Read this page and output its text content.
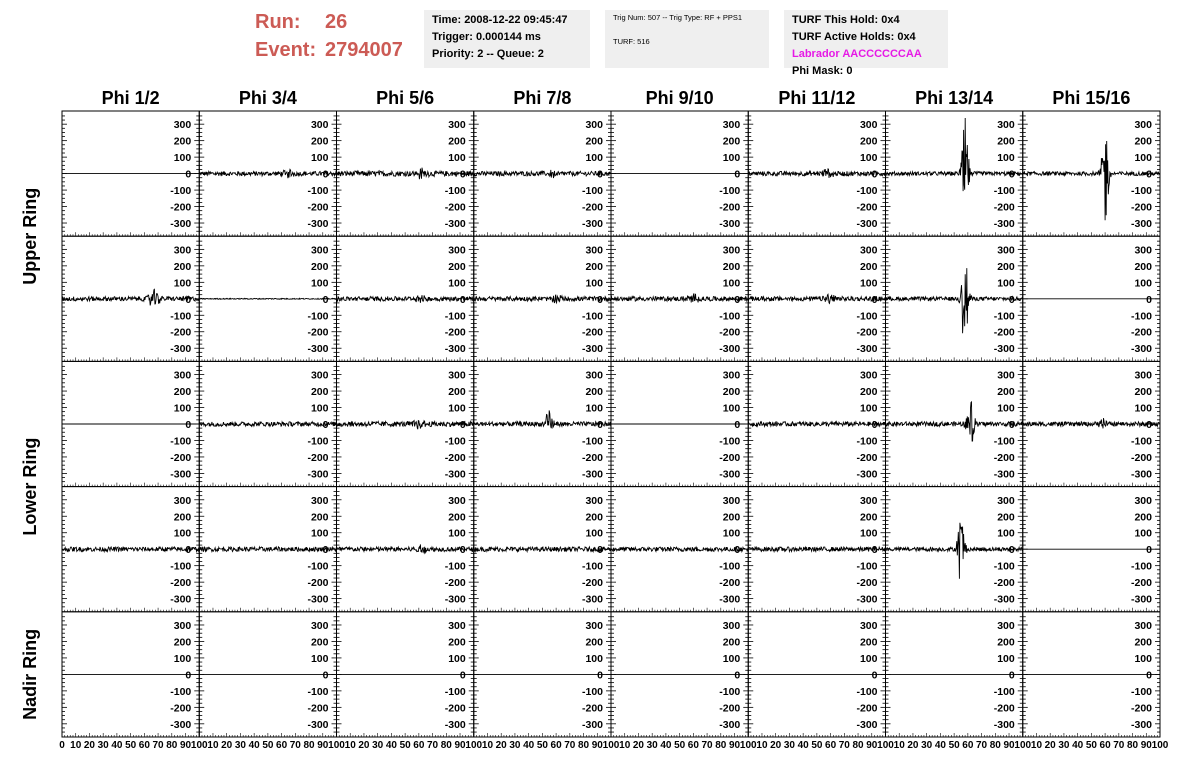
Run: 26
Event: 2794007
Time: 2008-12-22 09:45:47
Trigger: 0.000144 ms
Priority: 2 -- Queue: 2
Trig Num: 507 -- Trig Type: RF + PPS1
TURF: 516
TURF This Hold: 0x4
TURF Active Holds: 0x4
Labrador AACCCCCCAA
Phi Mask: 0
Phi 1/2	Phi 3/4	Phi 5/6	Phi 7/8	Phi 9/10	Phi 11/12	Phi 13/14	Phi 15/16
Upper Ring
Lower Ring
Nadir Ring
-300
-200
-100
0
100
200
300
-300
-200
-100
0
100
200
300
-300
-200
-100
0
100
200
300
-300
-200
-100
0
100
200
300
-300
-200
-100
0
100
200
300
-300
-200
-100
0
100
200
300
-300
-200
-100
0
100
200
300
-300
-200
-100
0
100
200
300
-300
-200
-100
0
100
200
300
-300
-200
-100
0
100
200
300
-300
-200
-100
0
100
200
300
-300
-200
-100
0
100
200
300
-300
-200
-100
0
100
200
300
-300
-200
-100
0
100
200
300
-300
-200
-100
0
100
200
300
-300
-200
-100
0
100
200
300
-300
-200
-100
0
100
200
300
-300
-200
-100
0
100
200
300
-300
-200
-100
0
100
200
300
-300
-200
-100
0
100
200
300
-300
-200
-100
0
100
200
300
-300
-200
-100
0
100
200
300
-300
-200
-100
0
100
200
300
-300
-200
-100
0
100
200
300
-300
-200
-100
0
100
200
300
-300
-200
-100
0
100
200
300
-300
-200
-100
0
100
200
300
-300
-200
-100
0
100
200
300
-300
-200
-100
0
100
200
300
-300
-200
-100
0
100
200
300
-300
-200
-100
0
100
200
300
-300
-200
-100
0
100
200
300
-300
-200
-100
0
100
200
300
-300
-200
-100
0
100
200
300
-300
-200
-100
0
100
200
300
-300
-200
-100
0
100
200
300
-300
-200
-100
0
100
200
300
-300
-200
-100
0
100
200
300
-300
-200
-100
0
100
200
300
-300
-200
-100
0
100
200
300
0 10 20 30 40 50 60 70 80 90 100 10 20 30 40 50 60 70 80 90 100 10 20 30 40 50 60 70 80 90 100 10 20 30 40 50 60 70 80 90 100 10 20 30 40 50 60 70 80 90 100 10 20 30 40 50 60 70 80 90 100 10 20 30 40 50 60 70 80 90 100 10 20 30 40 50 60 70 80 90 100
